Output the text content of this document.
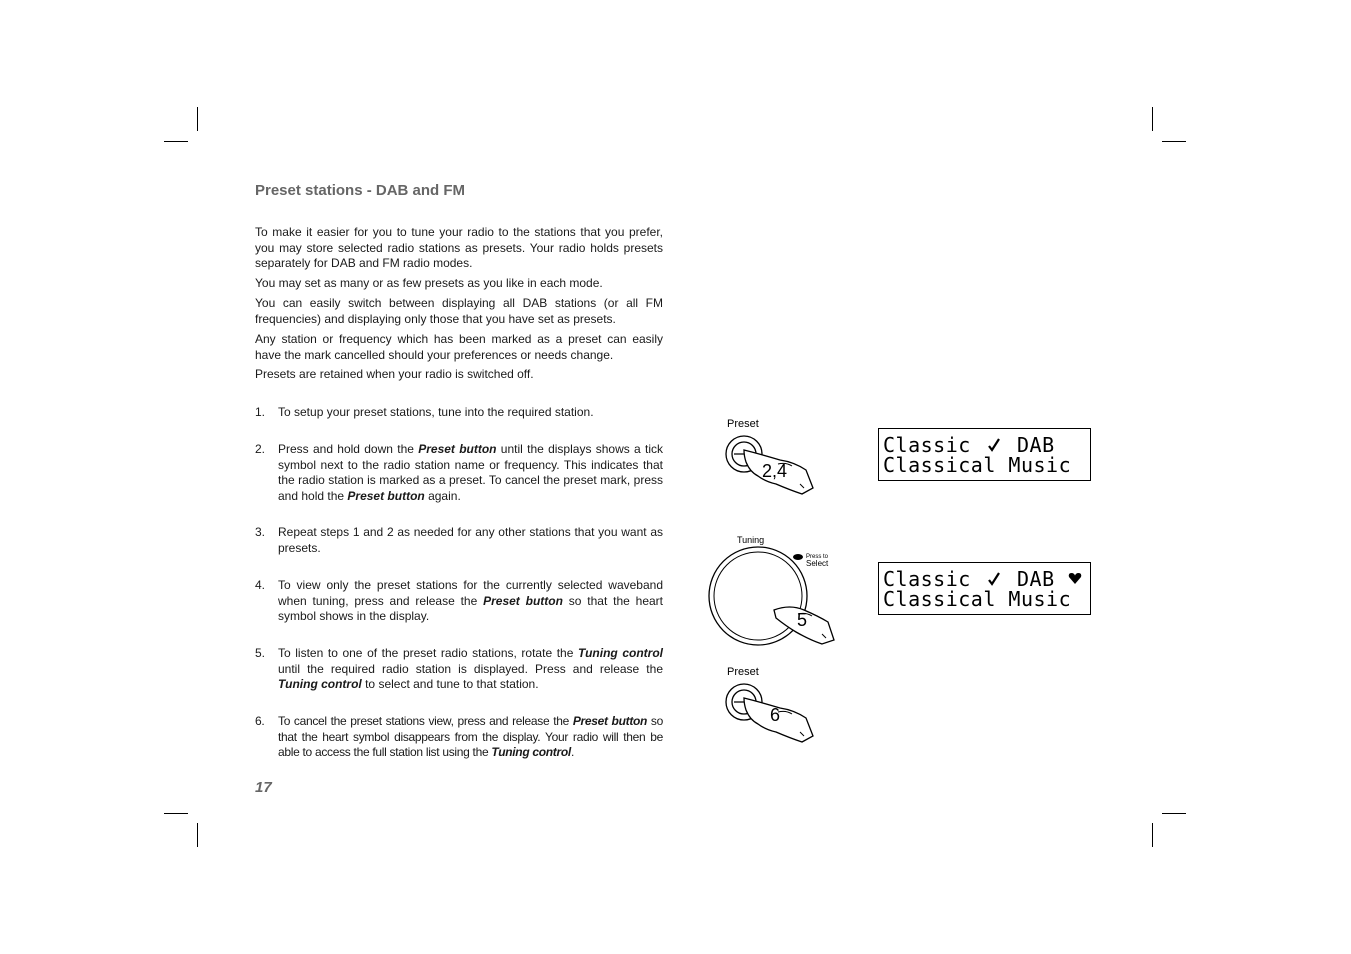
Preset stations - DAB and FM

To make it easier for you to tune your radio to the stations that you prefer, you may store selected radio stations as presets. Your radio holds presets separately for DAB and FM radio modes.

You may set as many or as few presets as you like in each mode.

You can easily switch between displaying all DAB stations (or all FM frequencies) and displaying only those that you have set as presets.

Any station or frequency which has been marked as a preset can easily have the mark cancelled should your preferences or needs change.

Presets are retained when your radio is switched off.

1. To setup your preset stations, tune into the required station.
2. Press and hold down the Preset button until the displays shows a tick symbol next to the radio station name or frequency. This indicates that the radio station is marked as a preset. To cancel the preset mark, press and hold the Preset button again.
3. Repeat steps 1 and 2 as needed for any other stations that you want as presets.
4. To view only the preset stations for the currently selected waveband when tuning, press and release the Preset button so that the heart symbol shows in the display.
5. To listen to one of the preset radio stations, rotate the Tuning control until the required radio station is displayed. Press and release the Tuning control to select and tune to that station.
6. To cancel the preset stations view, press and release the Preset button so that the heart symbol disappears from the display. Your radio will then be able to access the full station list using the Tuning control.
17
Preset
2,4
Tuning
Press to
Select
5
Preset
6
Classic DAB
Classical Music
Classic DAB
Classical Music
